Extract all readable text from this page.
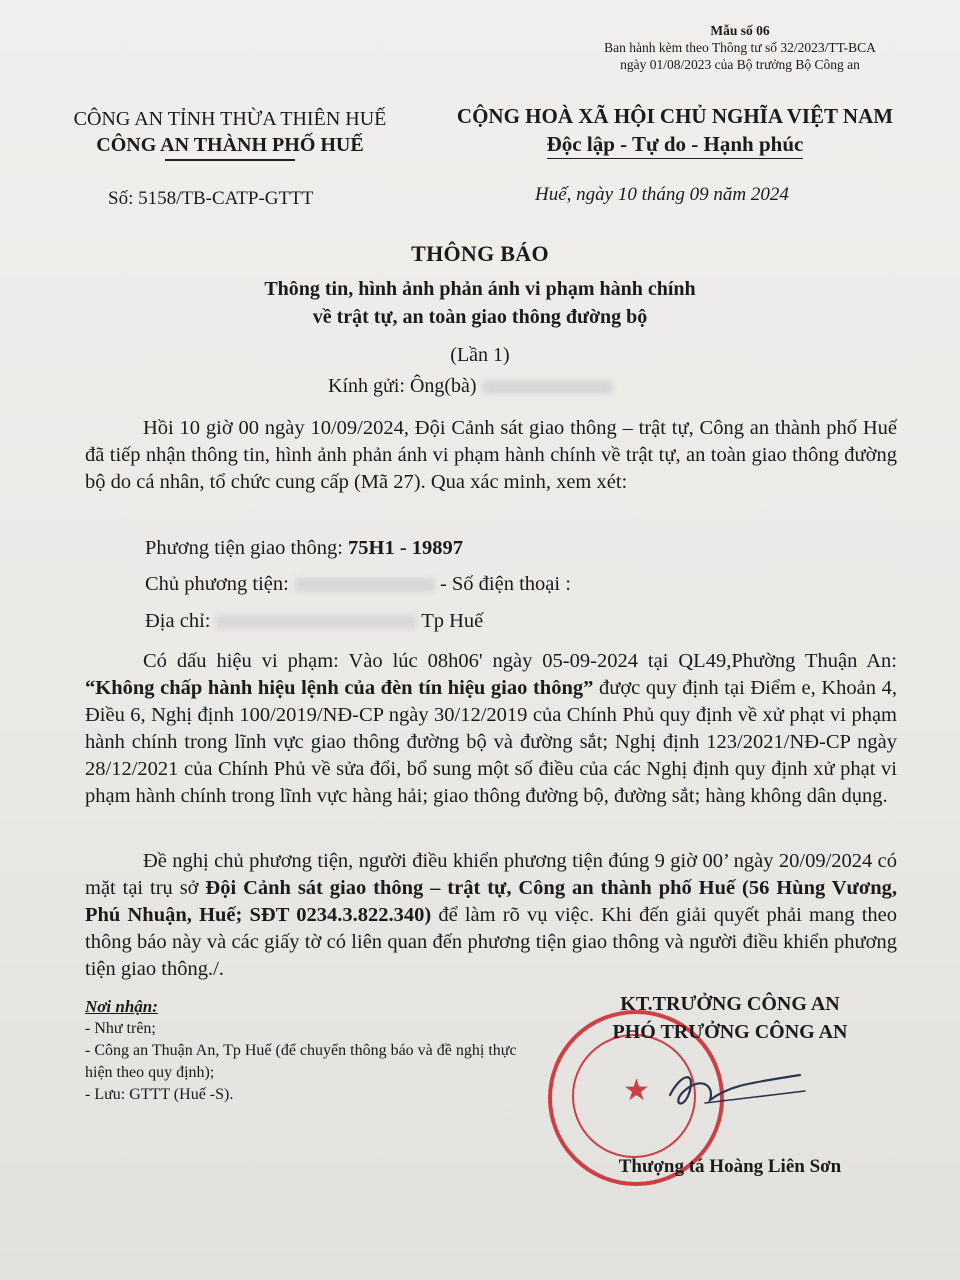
Mẫu số 06
Ban hành kèm theo Thông tư số 32/2023/TT-BCA
ngày 01/08/2023 của Bộ trưởng Bộ Công an
CÔNG AN TỈNH THỪA THIÊN HUẾ
CÔNG AN THÀNH PHỐ HUẾ
CỘNG HOÀ XÃ HỘI CHỦ NGHĨA VIỆT NAM
Độc lập - Tự do - Hạnh phúc
Số: 5158/TB-CATP-GTTT	Huế, ngày 10 tháng 09 năm 2024
THÔNG BÁO
Thông tin, hình ảnh phản ánh vi phạm hành chính
về trật tự, an toàn giao thông đường bộ
(Lần 1)
Kính gửi: Ông(bà)
Hồi 10 giờ 00 ngày 10/09/2024, Đội Cảnh sát giao thông – trật tự, Công an thành phố Huế đã tiếp nhận thông tin, hình ảnh phản ánh vi phạm hành chính về trật tự, an toàn giao thông đường bộ do cá nhân, tổ chức cung cấp (Mã 27). Qua xác minh, xem xét:
Phương tiện giao thông: 75H1 - 19897
Chủ phương tiện:	- Số điện thoại :
Địa chỉ:	Tp Huế
Có dấu hiệu vi phạm: Vào lúc 08h06' ngày 05-09-2024 tại QL49,Phường Thuận An: “Không chấp hành hiệu lệnh của đèn tín hiệu giao thông” được quy định tại Điểm e, Khoản 4, Điều 6, Nghị định 100/2019/NĐ-CP ngày 30/12/2019 của Chính Phủ quy định về xử phạt vi phạm hành chính trong lĩnh vực giao thông đường bộ và đường sắt; Nghị định 123/2021/NĐ-CP ngày 28/12/2021 của Chính Phủ về sửa đổi, bổ sung một số điều của các Nghị định quy định xử phạt vi phạm hành chính trong lĩnh vực hàng hải; giao thông đường bộ, đường sắt; hàng không dân dụng.
Đề nghị chủ phương tiện, người điều khiển phương tiện đúng 9 giờ 00’ ngày 20/09/2024 có mặt tại trụ sở Đội Cảnh sát giao thông – trật tự, Công an thành phố Huế (56 Hùng Vương, Phú Nhuận, Huế; SĐT 0234.3.822.340) để làm rõ vụ việc. Khi đến giải quyết phải mang theo thông báo này và các giấy tờ có liên quan đến phương tiện giao thông và người điều khiển phương tiện giao thông./.
Nơi nhận:
- Như trên;
- Công an Thuận An, Tp Huế (để chuyển thông báo và đề nghị thực hiện theo quy định);
- Lưu: GTTT (Huế -S).	★
KT.TRƯỞNG CÔNG AN
PHÓ TRƯỞNG CÔNG AN
Thượng tá Hoàng Liên Sơn
